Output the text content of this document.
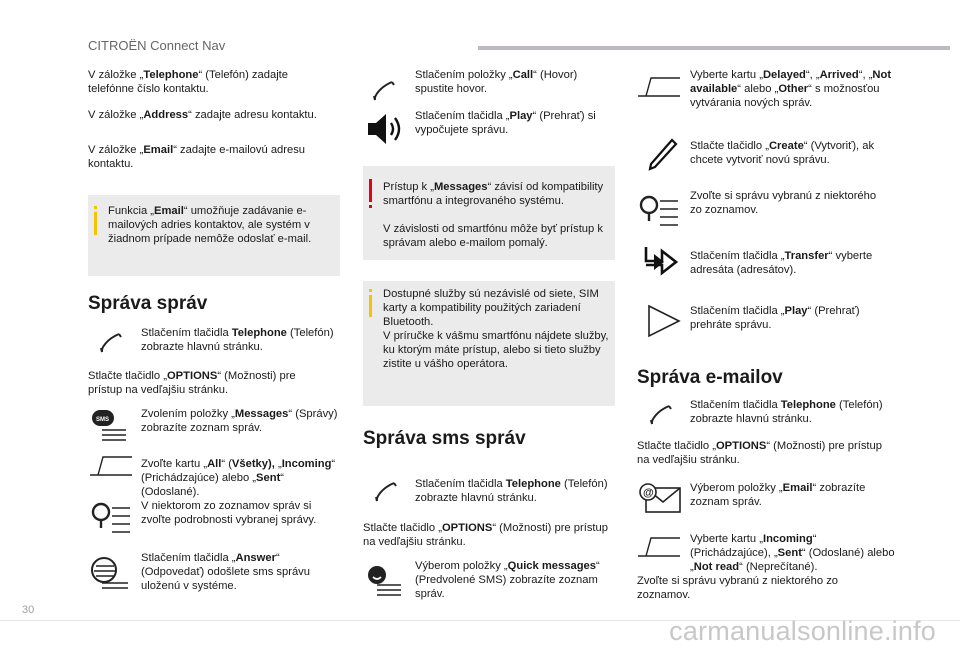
CITROËN Connect Nav

V záložke „Telephone“ (Telefón) zadajte telefónne číslo kontaktu.

V záložke „Address“ zadajte adresu kontaktu.

V záložke „Email“ zadajte e-mailovú adresu kontaktu.

Funkcia „Email“ umožňuje zadávanie e-mailových adries kontaktov, ale systém v žiadnom prípade nemôže odoslať e-mail.

Správa správ

Stlačením tlačidla Telephone (Telefón) zobrazte hlavnú stránku.

Stlačte tlačidlo „OPTIONS“ (Možnosti) pre prístup na vedľajšiu stránku.

SMS	Zvolením položky „Messages“ (Správy) zobrazíte zoznam správ.

Zvoľte kartu „All“ (Všetky), „Incoming“ (Prichádzajúce) alebo „Sent“ (Odoslané).

V niektorom zo zoznamov správ si zvoľte podrobnosti vybranej správy.

Stlačením tlačidla „Answer“ (Odpovedať) odošlete sms správu uloženú v systéme.

Stlačením položky „Call“ (Hovor) spustite hovor.

Stlačením tlačidla „Play“ (Prehrať) si vypočujete správu.

Prístup k „Messages“ závisí od kompatibility smartfónu a integrovaného systému.

V závislosti od smartfónu môže byť prístup k správam alebo e-mailom pomalý.

Dostupné služby sú nezávislé od siete, SIM karty a kompatibility použitých zariadení Bluetooth.

V príručke k vášmu smartfónu nájdete služby, ku ktorým máte prístup, alebo si tieto služby zistite u vášho operátora.

Správa sms správ

Stlačením tlačidla Telephone (Telefón) zobrazte hlavnú stránku.

Stlačte tlačidlo „OPTIONS“ (Možnosti) pre prístup na vedľajšiu stránku.

Výberom položky „Quick messages“ (Predvolené SMS) zobrazíte zoznam správ.

Vyberte kartu „Delayed“, „Arrived“, „Not available“ alebo „Other“ s možnosťou vytvárania nových správ.

Stlačte tlačidlo „Create“ (Vytvoriť), ak chcete vytvoriť novú správu.

Zvoľte si správu vybranú z niektorého zo zoznamov.

Stlačením tlačidla „Transfer“ vyberte adresáta (adresátov).

Stlačením tlačidla „Play“ (Prehrať) prehráte správu.

Správa e-mailov

Stlačením tlačidla Telephone (Telefón) zobrazte hlavnú stránku.

Stlačte tlačidlo „OPTIONS“ (Možnosti) pre prístup na vedľajšiu stránku.

@	Výberom položky „Email“ zobrazíte zoznam správ.

Vyberte kartu „Incoming“ (Prichádzajúce), „Sent“ (Odoslané) alebo „Not read“ (Neprečítané).

Zvoľte si správu vybranú z niektorého zo zoznamov.

30
carmanualsonline.info
